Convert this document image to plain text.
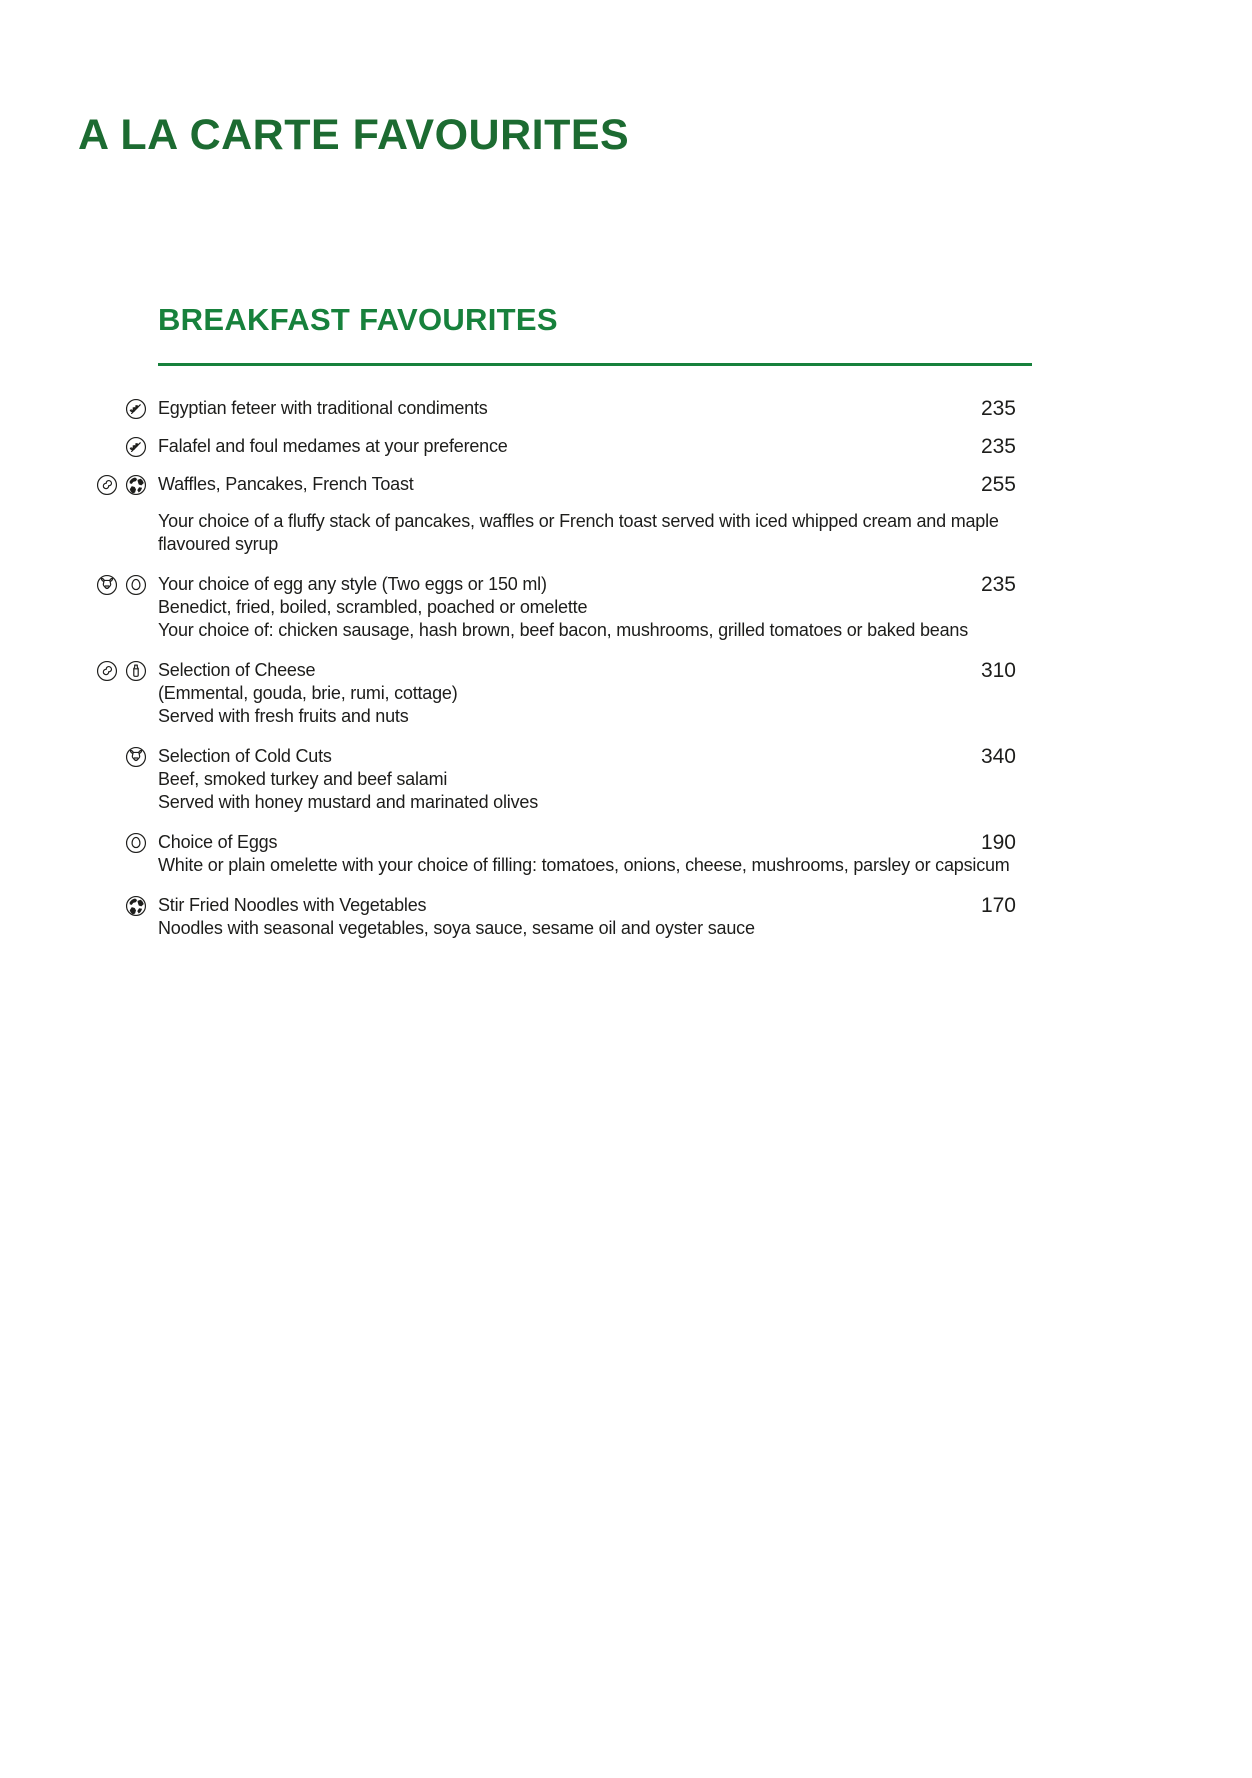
A LA CARTE FAVOURITES
BREAKFAST FAVOURITES
Egyptian feteer with traditional condiments	235
Falafel and foul medames at your preference	235
Waffles, Pancakes, French Toast
Your choice of a fluffy stack of pancakes, waffles or French toast served with iced whipped cream and maple flavoured syrup
255
Your choice of egg any style (Two eggs or 150 ml)
Benedict, fried, boiled, scrambled, poached or omelette
Your choice of: chicken sausage, hash brown, beef bacon, mushrooms, grilled tomatoes or baked beans
235
Selection of Cheese
(Emmental, gouda, brie, rumi, cottage)
Served with fresh fruits and nuts
310
Selection of Cold Cuts
Beef, smoked turkey and beef salami
Served with honey mustard and marinated olives
340
Choice of Eggs
White or plain omelette with your choice of filling: tomatoes, onions, cheese, mushrooms, parsley or capsicum
190
Stir Fried Noodles with Vegetables
Noodles with seasonal vegetables, soya sauce, sesame oil and oyster sauce
170
